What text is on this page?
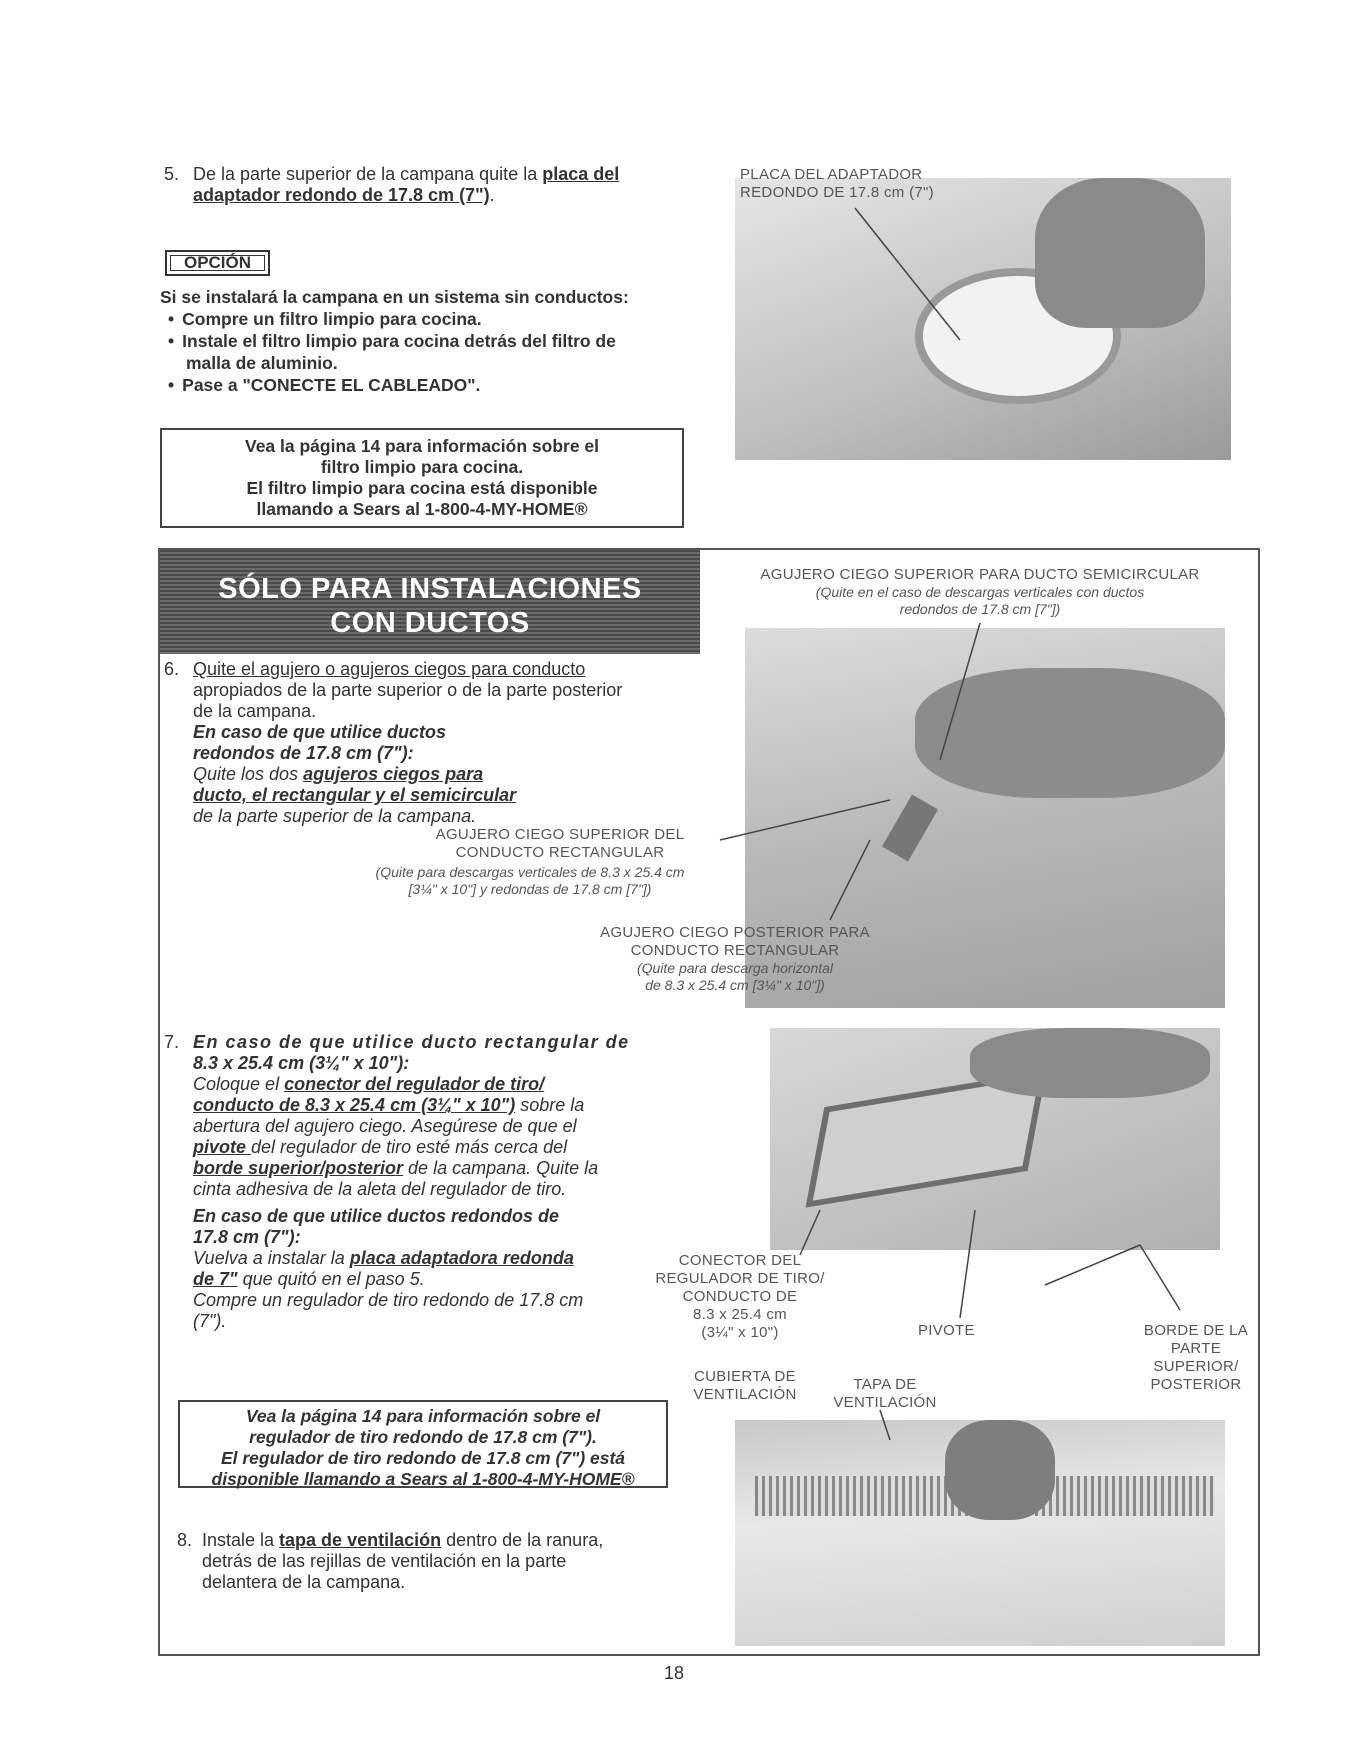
5. De la parte superior de la campana quite la placa del
adaptador redondo de 17.8 cm (7").
PLACA DEL ADAPTADOR
REDONDO DE 17.8 cm (7")
OPCIÓN
Si se instalará la campana en un sistema sin conductos:
• Compre un filtro limpio para cocina.
• Instale el filtro limpio para cocina detrás del filtro de
malla de aluminio.
• Pase a "CONECTE EL CABLEADO".
Vea la página 14 para información sobre el
filtro limpio para cocina.
El filtro limpio para cocina está disponible
llamando a Sears al 1-800-4-MY-HOME®
SÓLO PARA INSTALACIONES
CON DUCTOS
AGUJERO CIEGO SUPERIOR PARA DUCTO SEMICIRCULAR
(Quite en el caso de descargas verticales con ductos
redondos de 17.8 cm [7"])
6. Quite el agujero o agujeros ciegos para conducto
apropiados de la parte superior o de la parte posterior
de la campana.
En caso de que utilice ductos
redondos de 17.8 cm (7"):
Quite los dos agujeros ciegos para
ducto, el rectangular y el semicircular
de la parte superior de la campana.
AGUJERO CIEGO SUPERIOR DEL
CONDUCTO RECTANGULAR
(Quite para descargas verticales de 8.3 x 25.4 cm
[3¼" x 10"] y redondas de 17.8 cm [7"])
AGUJERO CIEGO POSTERIOR PARA
CONDUCTO RECTANGULAR
(Quite para descarga horizontal
de 8.3 x 25.4 cm [3¼" x 10"])
7. En caso de que utilice ducto rectangular de
8.3 x 25.4 cm (3¼" x 10"):
Coloque el conector del regulador de tiro/
conducto de 8.3 x 25.4 cm (3¼" x 10") sobre la
abertura del agujero ciego. Asegúrese de que el
pivote del regulador de tiro esté más cerca del
borde superior/posterior de la campana. Quite la
cinta adhesiva de la aleta del regulador de tiro.
En caso de que utilice ductos redondos de
17.8 cm (7"):
Vuelva a instalar la placa adaptadora redonda
de 7" que quitó en el paso 5.
Compre un regulador de tiro redondo de 17.8 cm
(7").
CONECTOR DEL
REGULADOR DE TIRO/
CONDUCTO DE
8.3 x 25.4 cm
(3¼" x 10")	PIVOTE	BORDE DE LA
PARTE
SUPERIOR/
POSTERIOR
CUBIERTA DE
VENTILACIÓN
TAPA DE
VENTILACIÓN
Vea la página 14 para información sobre el
regulador de tiro redondo de 17.8 cm (7").
El regulador de tiro redondo de 17.8 cm (7") está
disponible llamando a Sears al 1-800-4-MY-HOME®
8. Instale la tapa de ventilación dentro de la ranura,
detrás de las rejillas de ventilación en la parte
delantera de la campana.
18
